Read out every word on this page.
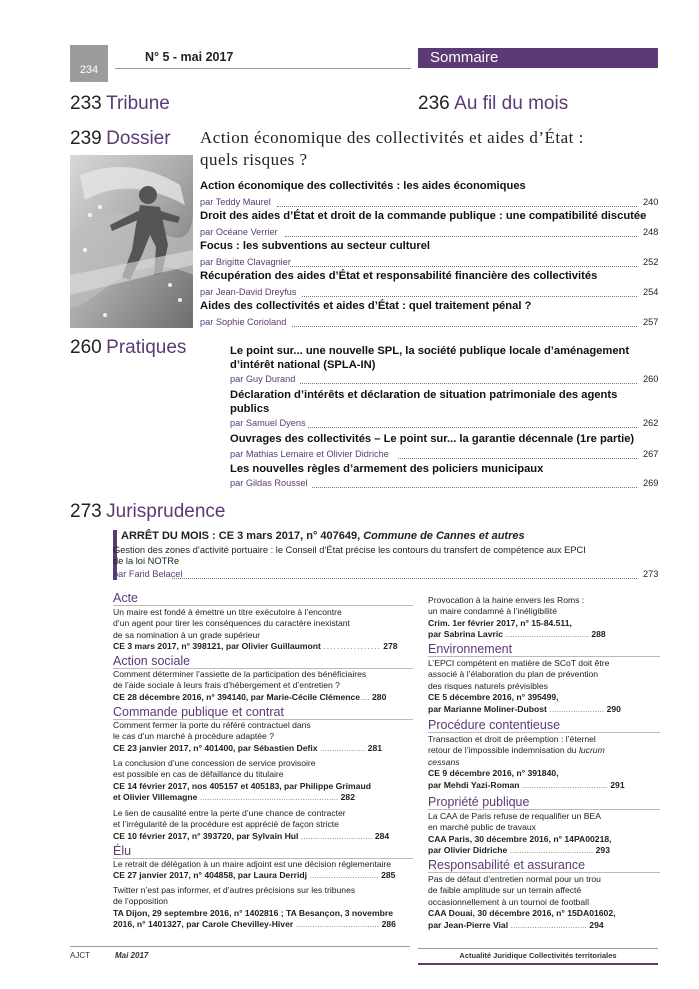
234
N° 5 - mai 2017	Sommaire
233 Tribune	236 Au fil du mois
239 Dossier Action économique des collectivités et aides d’État :
quels risques ?
Action économique des collectivités : les aides économiques
par Teddy Maurel	240
Droit des aides d’État et droit de la commande publique : une compatibilité discutée
par Océane Verrier	248
Focus : les subventions au secteur culturel
par Brigitte Clavagnier	252
Récupération des aides d’État et responsabilité financière des collectivités
par Jean-David Dreyfus	254
Aides des collectivités et aides d’État : quel traitement pénal ?
par Sophie Corioland	257
260 Pratiques	Le point sur... une nouvelle SPL, la société publique locale d’aménagement
d’intérêt national (SPLA-IN)
par Guy Durand	260
Déclaration d’intérêts et déclaration de situation patrimoniale des agents
publics
par Samuel Dyens	262
Ouvrages des collectivités – Le point sur... la garantie décennale (1re partie)
par Mathias Lemaire et Olivier Didriche	267
Les nouvelles règles d’armement des policiers municipaux
par Gildas Roussel	269
273 Jurisprudence
ARRÊT DU MOIS : CE 3 mars 2017, n° 407649, Commune de Cannes et autres
Gestion des zones d’activité portuaire : le Conseil d’État précise les contours du transfert de compétence aux EPCI
de la loi NOTRe
par Farid Belacel	273
Acte
Un maire est fondé à émettre un titre exécutoire à l’encontre
d’un agent pour tirer les conséquences du caractère inexistant
de sa nomination à un grade supérieur
CE 3 mars 2017, n° 398121, par Olivier Guillaumont ................. 278
Action sociale
Comment déterminer l’assiette de la participation des bénéficiaires
de l’aide sociale à leurs frais d’hébergement et d’entretien ?
CE 28 décembre 2016, n° 394140, par Marie-Cécile Clémence.... 280
Commande publique et contrat
Comment fermer la porte du référé contractuel dans
le cas d’un marché à procédure adaptée ?
CE 23 janvier 2017, n° 401400, par Sébastien Defix ................... 281
La conclusion d’une concession de service provisoire
est possible en cas de défaillance du titulaire
CE 14 février 2017, nos 405157 et 405183, par Philippe Grimaud
et Olivier Villemagne .......................................................... 282
Le lien de causalité entre la perte d’une chance de contracter
et l’irrégularité de la procédure est apprécié de façon stricte
CE 10 février 2017, n° 393720, par Sylvain Hul .............................. 284
Élu
Le retrait de délégation à un maire adjoint est une décision réglementaire
CE 27 janvier 2017, n° 404858, par Laura Derridj ............................. 285
Twitter n’est pas informer, et d’autres précisions sur les tribunes
de l’opposition
TA Dijon, 29 septembre 2016, n° 1402816 ; TA Besançon, 3 novembre
2016, n° 1401327, par Carole Chevilley-Hiver ................................... 286
Provocation à la haine envers les Roms :
un maire condamné à l’inéligibilité
Crim. 1er février 2017, n° 15-84.511,
par Sabrina Lavric ................................... 288
Environnement
L’EPCI compétent en matière de SCoT doit être
associé à l’élaboration du plan de prévention
des risques naturels prévisibles
CE 5 décembre 2016, n° 395499,
par Marianne Moliner-Dubost ....................... 290
Procédure contentieuse
Transaction et droit de préemption : l’éternel
retour de l’impossible indemnisation du lucrum
cessans
CE 9 décembre 2016, n° 391840,
par Mehdi Yazi-Roman .................................... 291
Propriété publique
La CAA de Paris refuse de requalifier un BEA
en marché public de travaux
CAA Paris, 30 décembre 2016, n° 14PA00218,
par Olivier Didriche ................................... 293
Responsabilité et assurance
Pas de défaut d’entretien normal pour un trou
de faible amplitude sur un terrain affecté
occasionnellement à un tournoi de football
CAA Douai, 30 décembre 2016, n° 15DA01602,
par Jean-Pierre Vial ................................ 294
AJCT	Mai 2017	Actualité Juridique Collectivités territoriales
